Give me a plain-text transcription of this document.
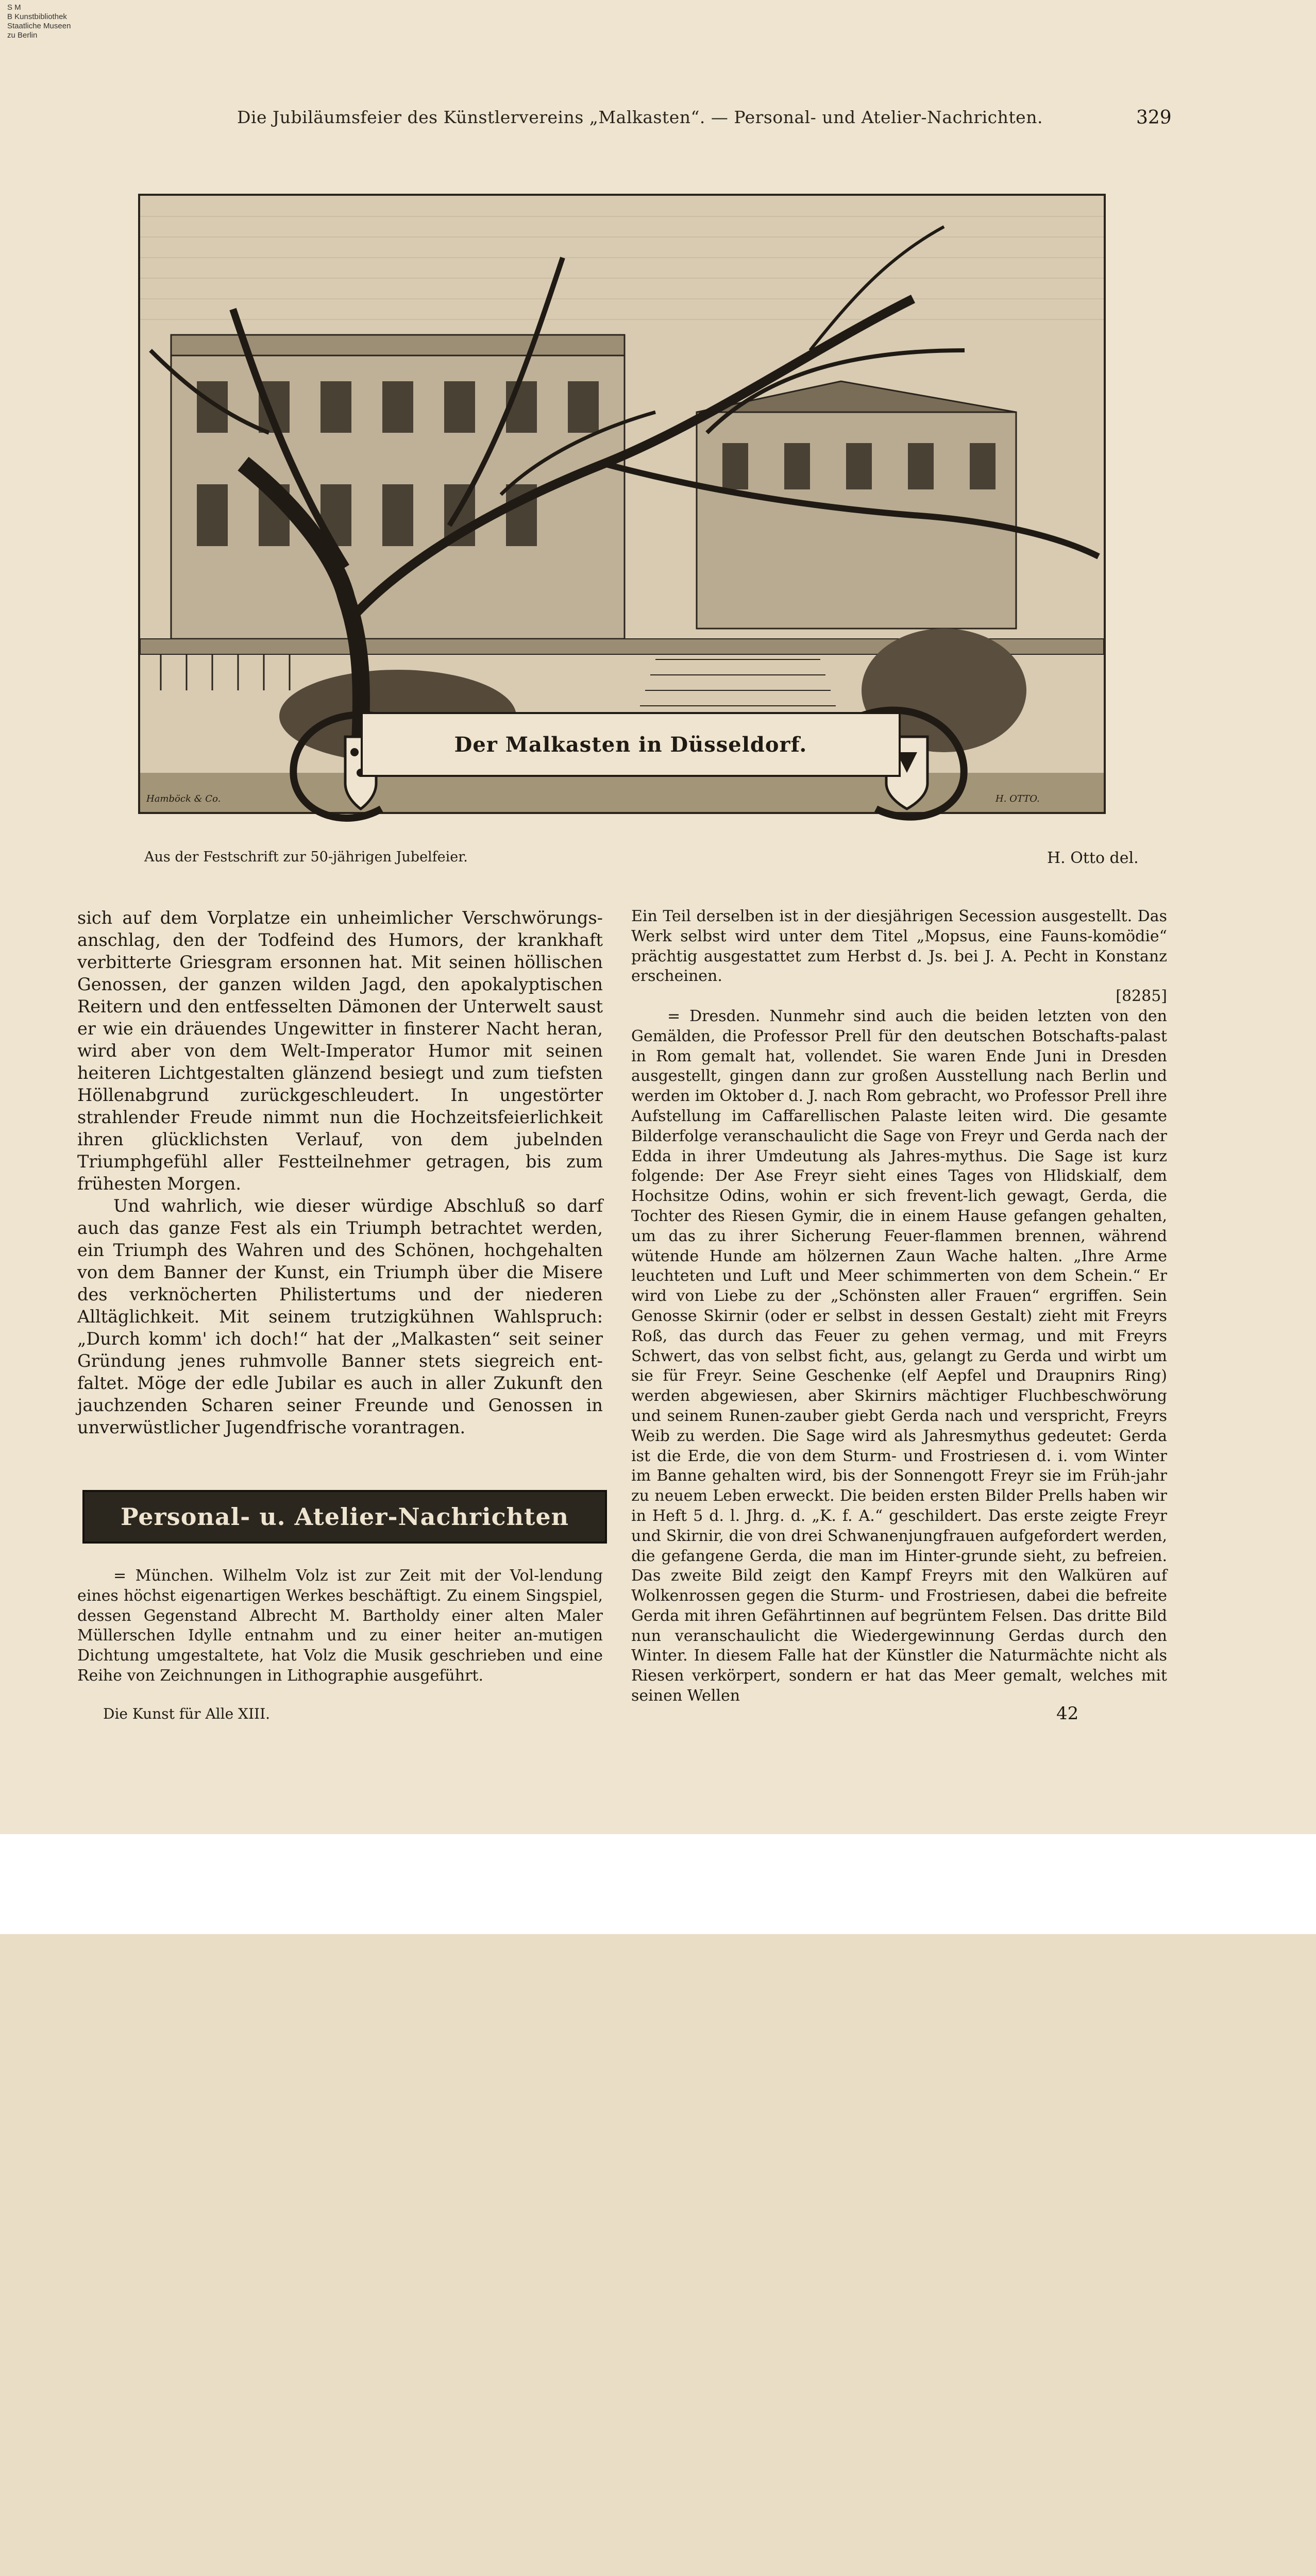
S M
B Kunstbibliothek
Staatliche Museen
zu Berlin
Die Jubiläumsfeier des Künstlervereins „Malkasten“. — Personal- und Atelier-Nachrichten.	329
Hamböck & Co.	H. OTTO.
Der Malkasten in Düsseldorf.
Aus der Festschrift zur 50-jährigen Jubelfeier.	H. Otto del.

sich auf dem Vorplatze ein unheimlicher Verschwörungs-anschlag, den der Todfeind des Humors, der krankhaft verbitterte Griesgram ersonnen hat. Mit seinen höllischen Genossen, der ganzen wilden Jagd, den apokalyptischen Reitern und den entfesselten Dämonen der Unterwelt saust er wie ein dräuendes Ungewitter in finsterer Nacht heran, wird aber von dem Welt-Imperator Humor mit seinen heiteren Lichtgestalten glänzend besiegt und zum tiefsten Höllenabgrund zurückgeschleudert. In ungestörter strahlender Freude nimmt nun die Hochzeitsfeierlichkeit ihren glücklichsten Verlauf, von dem jubelnden Triumphgefühl aller Festteilnehmer getragen, bis zum frühesten Morgen.

Und wahrlich, wie dieser würdige Abschluß so darf auch das ganze Fest als ein Triumph betrachtet werden, ein Triumph des Wahren und des Schönen, hochgehalten von dem Banner der Kunst, ein Triumph über die Misere des verknöcherten Philistertums und der niederen Alltäglichkeit. Mit seinem trutzigkühnen Wahlspruch: „Durch komm' ich doch!“ hat der „Malkasten“ seit seiner Gründung jenes ruhmvolle Banner stets siegreich ent-faltet. Möge der edle Jubilar es auch in aller Zukunft den jauchzenden Scharen seiner Freunde und Genossen in unverwüstlicher Jugendfrische vorantragen.

Personal- u. Atelier-Nachrichten

= München. Wilhelm Volz ist zur Zeit mit der Vol-lendung eines höchst eigenartigen Werkes beschäftigt. Zu einem Singspiel, dessen Gegenstand Albrecht M. Bartholdy einer alten Maler Müllerschen Idylle entnahm und zu einer heiter an-mutigen Dichtung umgestaltete, hat Volz die Musik geschrieben und eine Reihe von Zeichnungen in Lithographie ausgeführt.

Ein Teil derselben ist in der diesjährigen Secession ausgestellt. Das Werk selbst wird unter dem Titel „Mopsus, eine Fauns-komödie“ prächtig ausgestattet zum Herbst d. Js. bei J. A. Pecht in Konstanz erscheinen.

[8285]

= Dresden. Nunmehr sind auch die beiden letzten von den Gemälden, die Professor Prell für den deutschen Botschafts-palast in Rom gemalt hat, vollendet. Sie waren Ende Juni in Dresden ausgestellt, gingen dann zur großen Ausstellung nach Berlin und werden im Oktober d. J. nach Rom gebracht, wo Professor Prell ihre Aufstellung im Caffarellischen Palaste leiten wird. Die gesamte Bilderfolge veranschaulicht die Sage von Freyr und Gerda nach der Edda in ihrer Umdeutung als Jahres-mythus. Die Sage ist kurz folgende: Der Ase Freyr sieht eines Tages von Hlidskialf, dem Hochsitze Odins, wohin er sich frevent-lich gewagt, Gerda, die Tochter des Riesen Gymir, die in einem Hause gefangen gehalten, um das zu ihrer Sicherung Feuer-flammen brennen, während wütende Hunde am hölzernen Zaun Wache halten. „Ihre Arme leuchteten und Luft und Meer schimmerten von dem Schein.“ Er wird von Liebe zu der „Schönsten aller Frauen“ ergriffen. Sein Genosse Skirnir (oder er selbst in dessen Gestalt) zieht mit Freyrs Roß, das durch das Feuer zu gehen vermag, und mit Freyrs Schwert, das von selbst ficht, aus, gelangt zu Gerda und wirbt um sie für Freyr. Seine Geschenke (elf Aepfel und Draupnirs Ring) werden abgewiesen, aber Skirnirs mächtiger Fluchbeschwörung und seinem Runen-zauber giebt Gerda nach und verspricht, Freyrs Weib zu werden. Die Sage wird als Jahresmythus gedeutet: Gerda ist die Erde, die von dem Sturm- und Frostriesen d. i. vom Winter im Banne gehalten wird, bis der Sonnengott Freyr sie im Früh-jahr zu neuem Leben erweckt. Die beiden ersten Bilder Prells haben wir in Heft 5 d. l. Jhrg. d. „K. f. A.“ geschildert. Das erste zeigte Freyr und Skirnir, die von drei Schwanenjungfrauen aufgefordert werden, die gefangene Gerda, die man im Hinter-grunde sieht, zu befreien. Das zweite Bild zeigt den Kampf Freyrs mit den Walküren auf Wolkenrossen gegen die Sturm- und Frostriesen, dabei die befreite Gerda mit ihren Gefährtinnen auf begrüntem Felsen. Das dritte Bild nun veranschaulicht die Wiedergewinnung Gerdas durch den Winter. In diesem Falle hat der Künstler die Naturmächte nicht als Riesen verkörpert, sondern er hat das Meer gemalt, welches mit seinen Wellen

Die Kunst für Alle XIII.	42
